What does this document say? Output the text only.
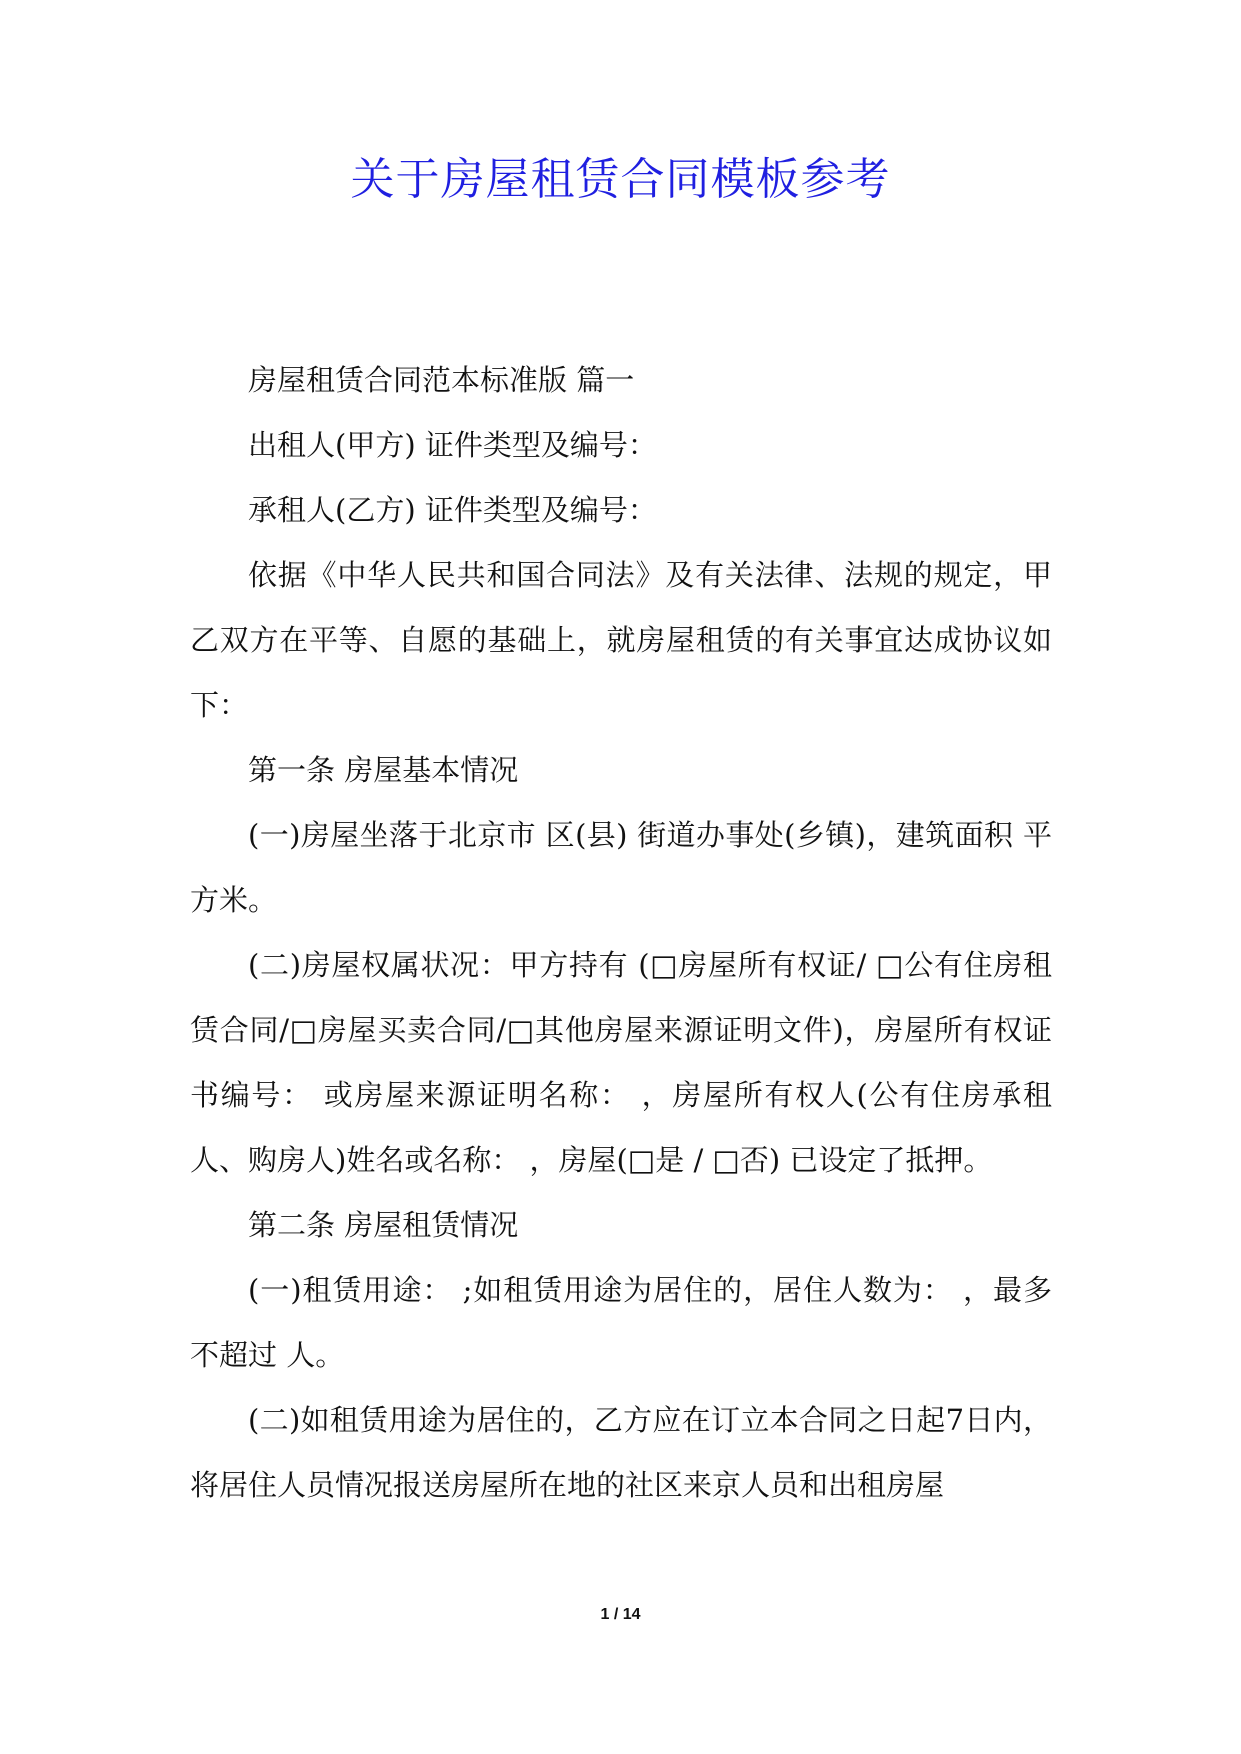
关于房屋租赁合同模板参考

房屋租赁合同范本标准版 篇一

出租人(甲方) 证件类型及编号：

承租人(乙方) 证件类型及编号：

依据《中华人民共和国合同法》及有关法律、法规的规定，甲乙双方在平等、自愿的基础上，就房屋租赁的有关事宜达成协议如下：

第一条 房屋基本情况

(一)房屋坐落于北京市 区(县) 街道办事处(乡镇)，建筑面积 平方米。

(二)房屋权属状况：甲方持有 (□房屋所有权证/ □公有住房租赁合同/□房屋买卖合同/□其他房屋来源证明文件)，房屋所有权证书编号： 或房屋来源证明名称： ，房屋所有权人(公有住房承租人、购房人)姓名或名称： ，房屋(□是 / □否) 已设定了抵押。

第二条 房屋租赁情况

(一)租赁用途： ;如租赁用途为居住的，居住人数为： ，最多不超过 人。

(二)如租赁用途为居住的，乙方应在订立本合同之日起7日内，将居住人员情况报送房屋所在地的社区来京人员和出租房屋

1 / 14
